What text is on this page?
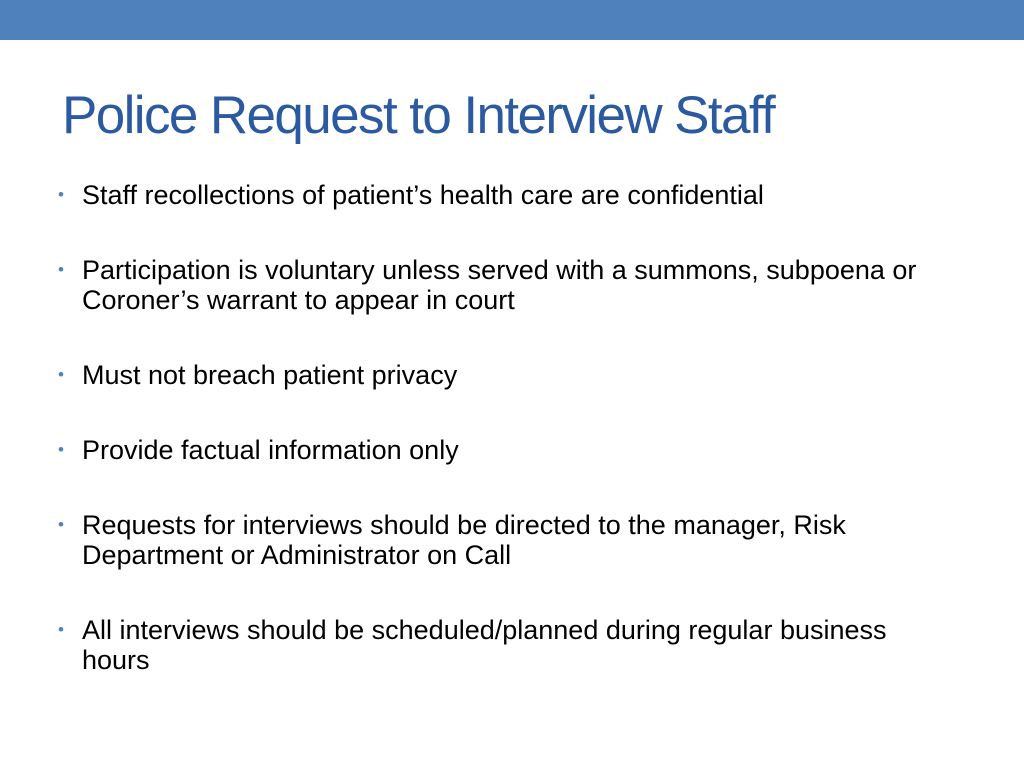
Police Request to Interview Staff
• Staff recollections of patient’s health care are confidential
• Participation is voluntary unless served with a summons, subpoena or Coroner’s warrant to appear in court
• Must not breach patient privacy
• Provide factual information only
• Requests for interviews should be directed to the manager, Risk Department or Administrator on Call
• All interviews should be scheduled/planned during regular business hours
